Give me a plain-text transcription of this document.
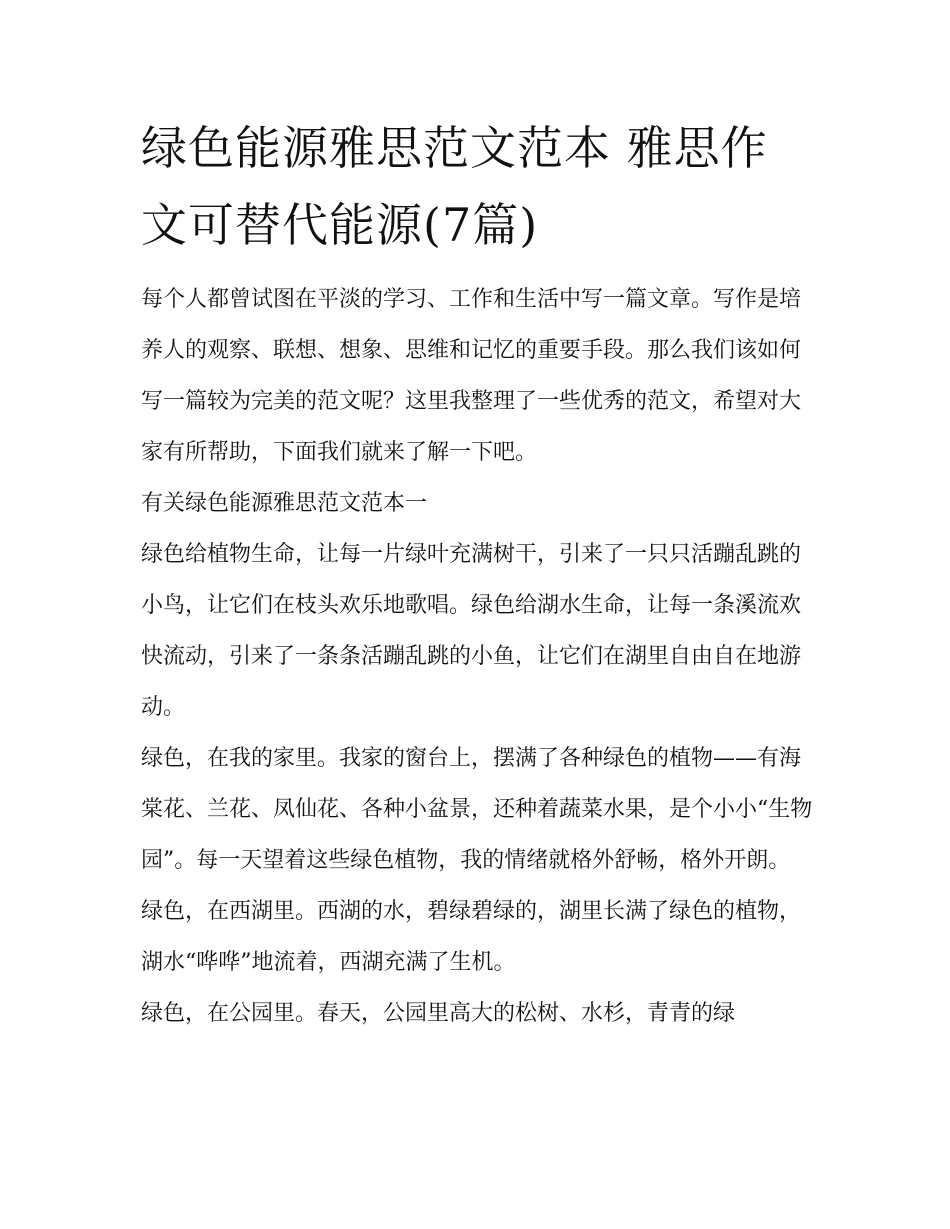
绿色能源雅思范文范本 雅思作文可替代能源(7篇)

每个人都曾试图在平淡的学习、工作和生活中写一篇文章。写作是培养人的观察、联想、想象、思维和记忆的重要手段。那么我们该如何写一篇较为完美的范文呢？这里我整理了一些优秀的范文，希望对大家有所帮助，下面我们就来了解一下吧。

有关绿色能源雅思范文范本一

绿色给植物生命，让每一片绿叶充满树干，引来了一只只活蹦乱跳的小鸟，让它们在枝头欢乐地歌唱。绿色给湖水生命，让每一条溪流欢快流动，引来了一条条活蹦乱跳的小鱼，让它们在湖里自由自在地游动。

绿色，在我的家里。我家的窗台上，摆满了各种绿色的植物——有海棠花、兰花、凤仙花、各种小盆景，还种着蔬菜水果，是个小小“生物园”。每一天望着这些绿色植物，我的情绪就格外舒畅，格外开朗。

绿色，在西湖里。西湖的水，碧绿碧绿的，湖里长满了绿色的植物，湖水“哗哗”地流着，西湖充满了生机。

绿色，在公园里。春天，公园里高大的松树、水杉，青青的绿
